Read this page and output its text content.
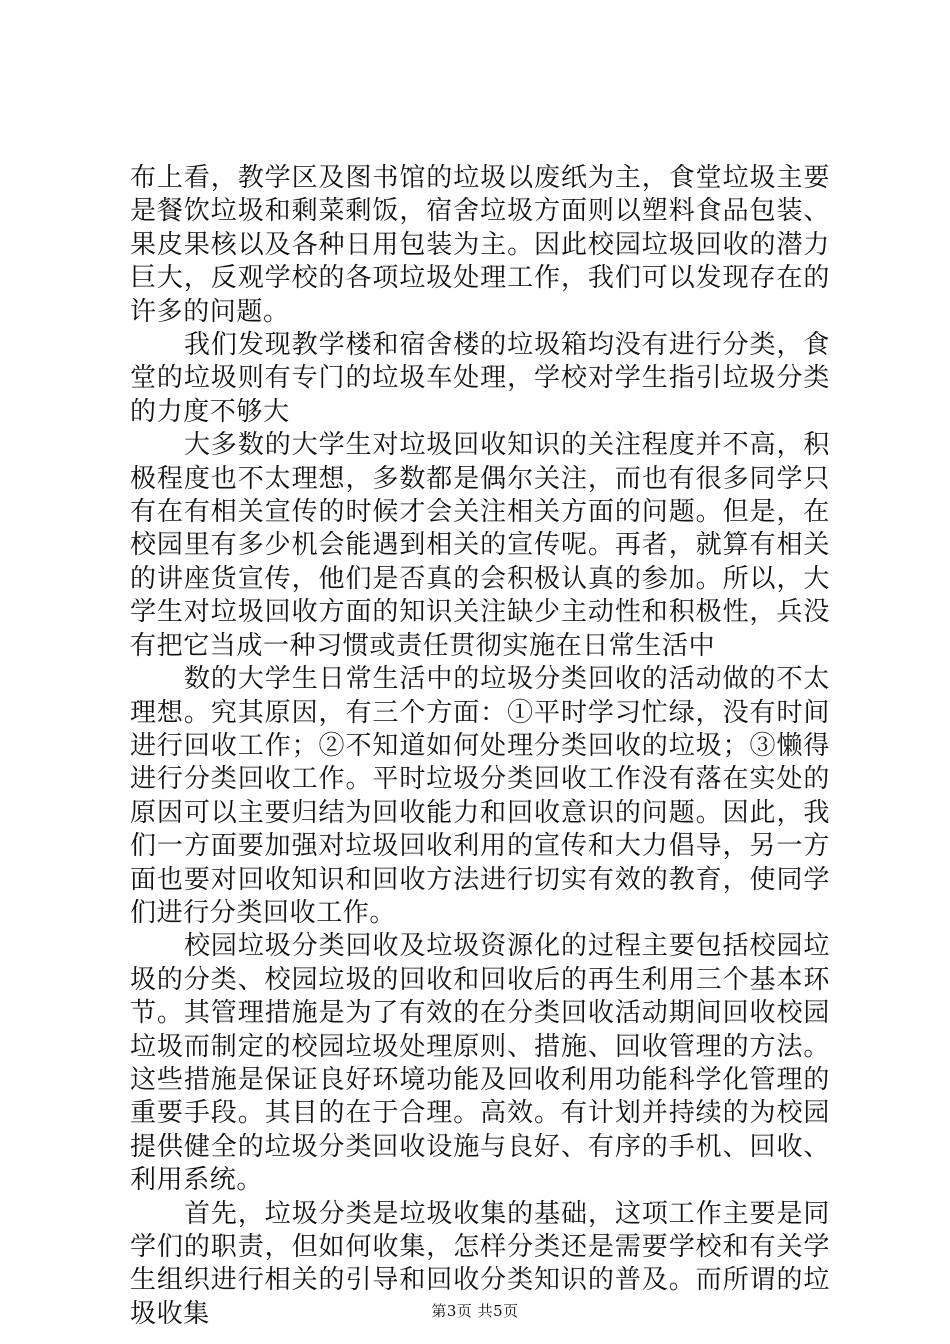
布上看，教学区及图书馆的垃圾以废纸为主，食堂垃圾主要是餐饮垃圾和剩菜剩饭，宿舍垃圾方面则以塑料食品包装、果皮果核以及各种日用包装为主。因此校园垃圾回收的潜力巨大，反观学校的各项垃圾处理工作，我们可以发现存在的许多的问题。

我们发现教学楼和宿舍楼的垃圾箱均没有进行分类，食堂的垃圾则有专门的垃圾车处理，学校对学生指引垃圾分类的力度不够大

大多数的大学生对垃圾回收知识的关注程度并不高，积极程度也不太理想，多数都是偶尔关注，而也有很多同学只有在有相关宣传的时候才会关注相关方面的问题。但是，在校园里有多少机会能遇到相关的宣传呢。再者，就算有相关的讲座货宣传，他们是否真的会积极认真的参加。所以，大学生对垃圾回收方面的知识关注缺少主动性和积极性，兵没有把它当成一种习惯或责任贯彻实施在日常生活中

数的大学生日常生活中的垃圾分类回收的活动做的不太理想。究其原因，有三个方面：①平时学习忙绿，没有时间进行回收工作；②不知道如何处理分类回收的垃圾；③懒得进行分类回收工作。平时垃圾分类回收工作没有落在实处的原因可以主要归结为回收能力和回收意识的问题。因此，我们一方面要加强对垃圾回收利用的宣传和大力倡导，另一方面也要对回收知识和回收方法进行切实有效的教育，使同学们进行分类回收工作。

校园垃圾分类回收及垃圾资源化的过程主要包括校园垃圾的分类、校园垃圾的回收和回收后的再生利用三个基本环节。其管理措施是为了有效的在分类回收活动期间回收校园垃圾而制定的校园垃圾处理原则、措施、回收管理的方法。这些措施是保证良好环境功能及回收利用功能科学化管理的重要手段。其目的在于合理。高效。有计划并持续的为校园提供健全的垃圾分类回收设施与良好、有序的手机、回收、利用系统。

首先，垃圾分类是垃圾收集的基础，这项工作主要是同学们的职责，但如何收集，怎样分类还是需要学校和有关学生组织进行相关的引导和回收分类知识的普及。而所谓的垃圾收集	第3页 共5页
